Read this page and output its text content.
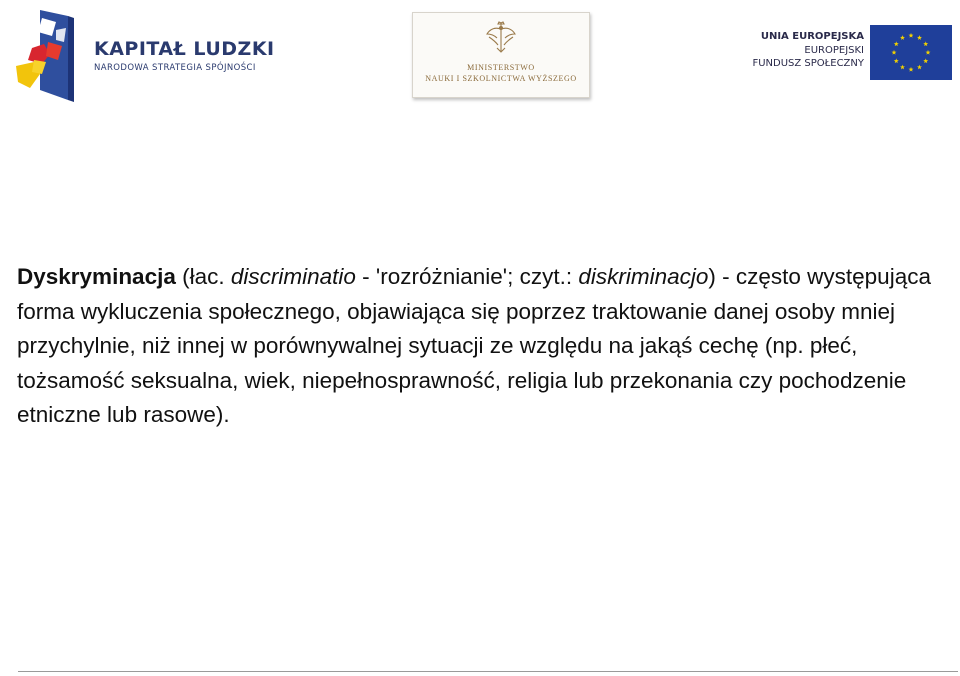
KAPITAŁ LUDZKI
NARODOWA STRATEGIA SPÓJNOŚCI	MINISTERSTWO
NAUKI I SZKOLNICTWA WYŻSZEGO
UNIA EUROPEJSKA
EUROPEJSKI
FUNDUSZ SPOŁECZNY
Dyskryminacja (łac. discriminatio - 'rozróżnianie'; czyt.: diskriminacjo) - często występująca forma wykluczenia społecznego, objawiająca się poprzez traktowanie danej osoby mniej przychylnie, niż innej w porównywalnej sytuacji ze względu na jakąś cechę (np. płeć, tożsamość seksualna, wiek, niepełnosprawność, religia lub przekonania czy pochodzenie etniczne lub rasowe).
